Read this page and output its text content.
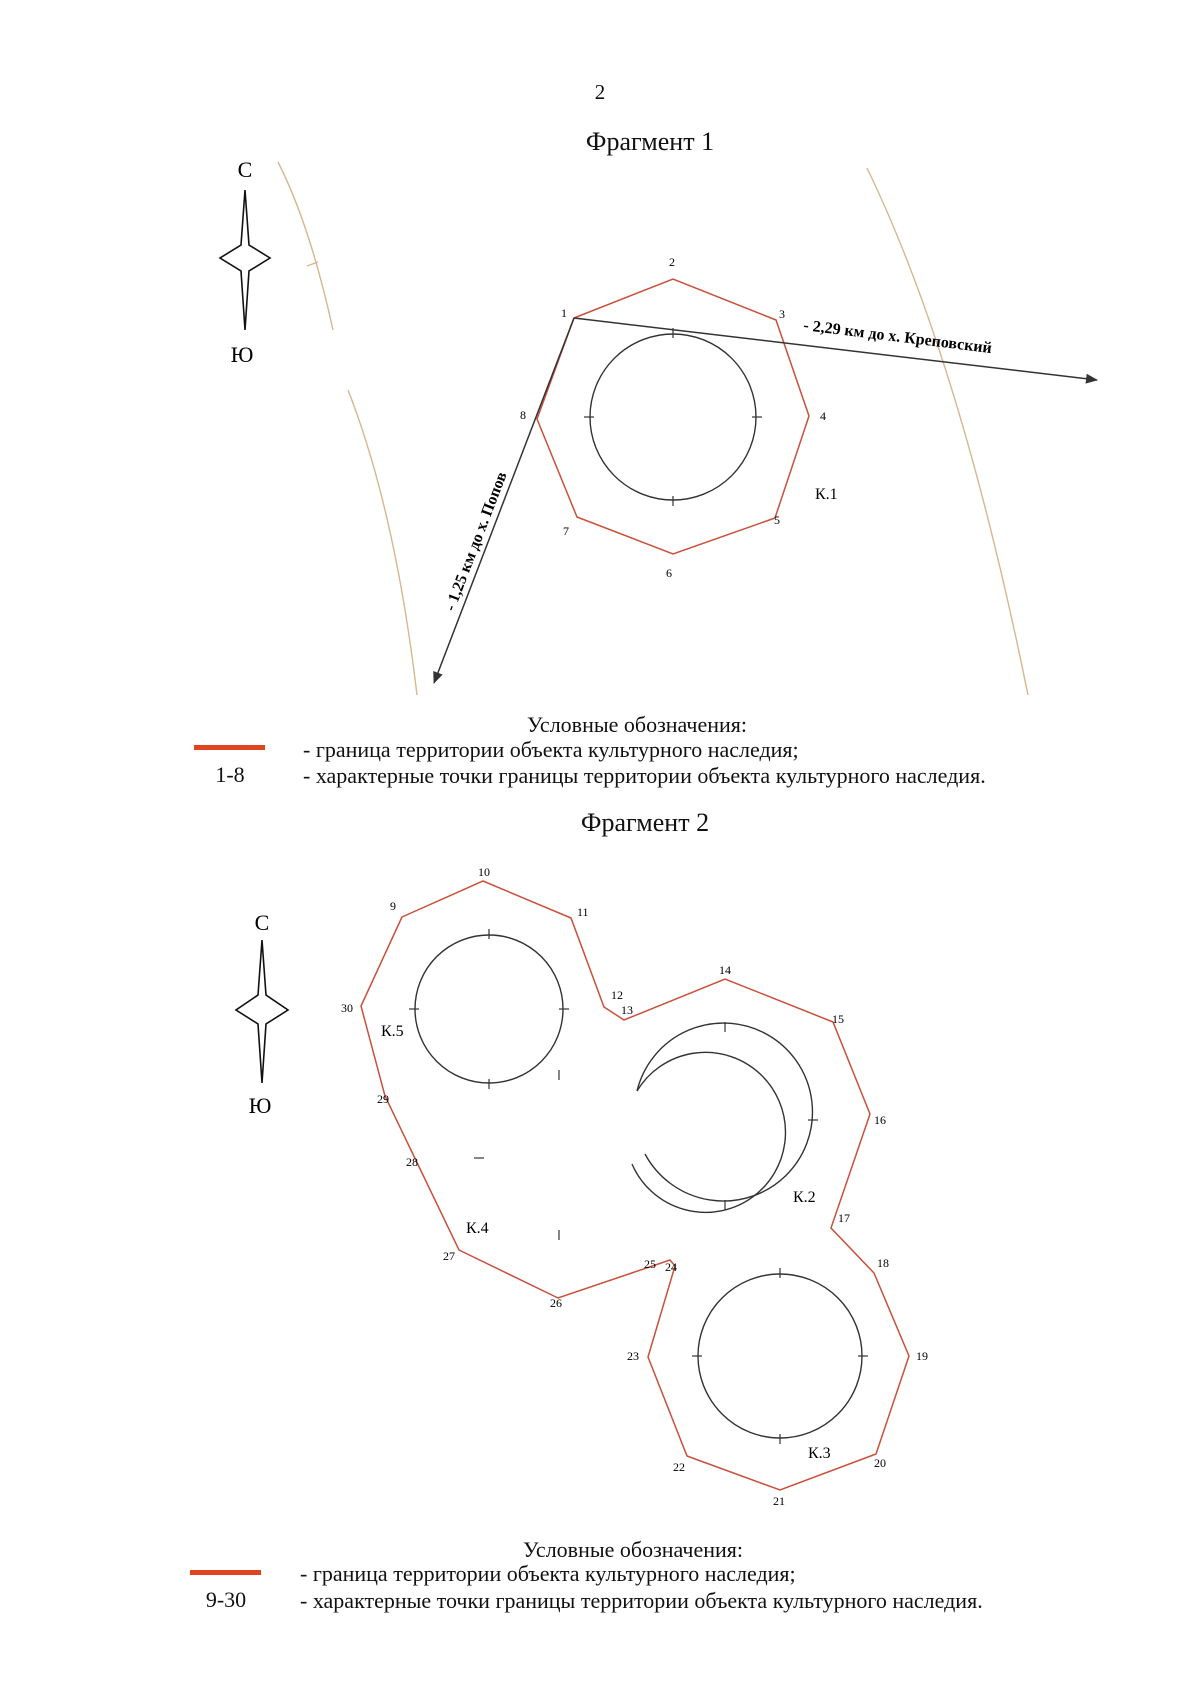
2
Фрагмент 1
Фрагмент 2
С
Ю
К.1
- 2,29 км до х. Креповский
- 1,25 км до х. Попов
1
2
3
4
5
6
7
8
Условные обозначения:
- граница территории объекта культурного наследия;
1-8	- характерные точки границы территории объекта культурного наследия.
С
Ю
К.5
К.4
К.2
К.3
9
10
11
12
13
14
15
16
17
18
19
20
21
22
23
24
25
26
27
28
29
30
Условные обозначения:
- граница территории объекта культурного наследия;
9-30	- характерные точки границы территории объекта культурного наследия.
